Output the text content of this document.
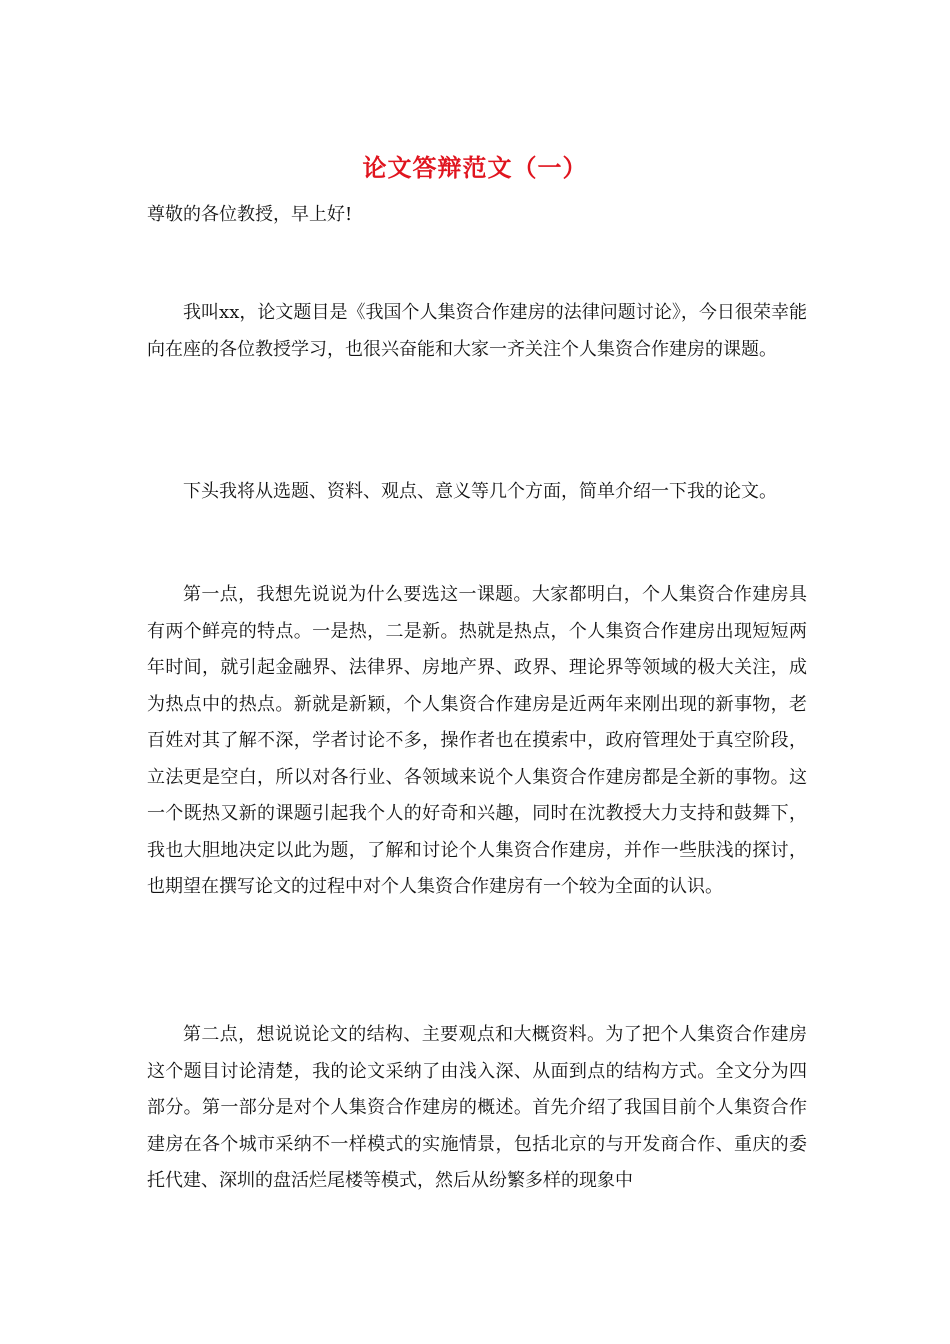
论文答辩范文（一）

尊敬的各位教授，早上好!

我叫xx，论文题目是《我国个人集资合作建房的法律问题讨论》，今日很荣幸能向在座的各位教授学习，也很兴奋能和大家一齐关注个人集资合作建房的课题。

下头我将从选题、资料、观点、意义等几个方面，简单介绍一下我的论文。

第一点，我想先说说为什么要选这一课题。大家都明白，个人集资合作建房具有两个鲜亮的特点。一是热，二是新。热就是热点，个人集资合作建房出现短短两年时间，就引起金融界、法律界、房地产界、政界、理论界等领域的极大关注，成为热点中的热点。新就是新颖，个人集资合作建房是近两年来刚出现的新事物，老百姓对其了解不深，学者讨论不多，操作者也在摸索中，政府管理处于真空阶段，立法更是空白，所以对各行业、各领域来说个人集资合作建房都是全新的事物。这一个既热又新的课题引起我个人的好奇和兴趣，同时在沈教授大力支持和鼓舞下，我也大胆地决定以此为题，了解和讨论个人集资合作建房，并作一些肤浅的探讨，也期望在撰写论文的过程中对个人集资合作建房有一个较为全面的认识。

第二点，想说说论文的结构、主要观点和大概资料。为了把个人集资合作建房这个题目讨论清楚，我的论文采纳了由浅入深、从面到点的结构方式。全文分为四部分。第一部分是对个人集资合作建房的概述。首先介绍了我国目前个人集资合作建房在各个城市采纳不一样模式的实施情景，包括北京的与开发商合作、重庆的委托代建、深圳的盘活烂尾楼等模式，然后从纷繁多样的现象中
